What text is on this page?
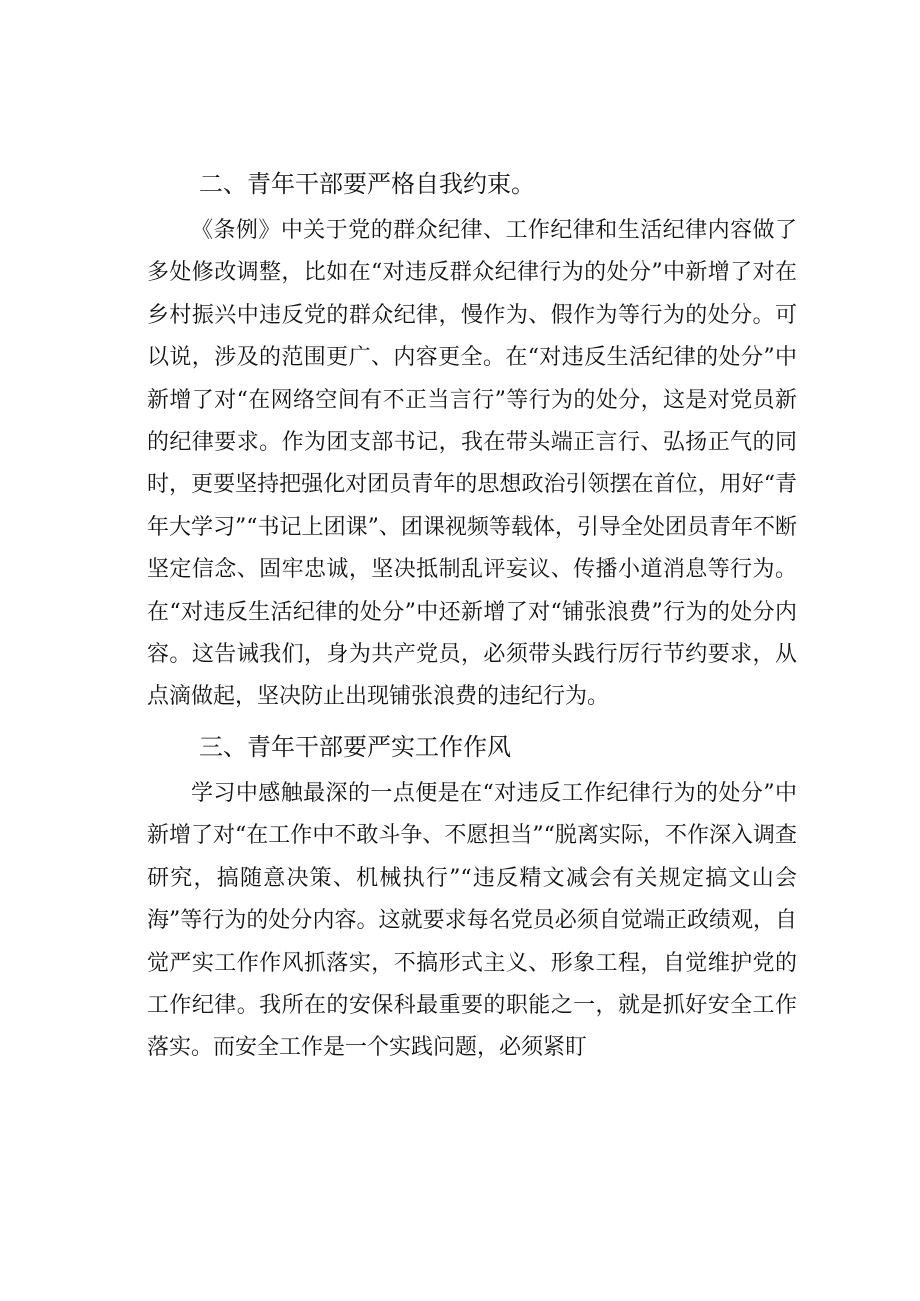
二、青年干部要严格自我约束。

《条例》中关于党的群众纪律、工作纪律和生活纪律内容做了多处修改调整，比如在“对违反群众纪律行为的处分”中新增了对在乡村振兴中违反党的群众纪律，慢作为、假作为等行为的处分。可以说，涉及的范围更广、内容更全。在“对违反生活纪律的处分”中新增了对“在网络空间有不正当言行”等行为的处分，这是对党员新的纪律要求。作为团支部书记，我在带头端正言行、弘扬正气的同时，更要坚持把强化对团员青年的思想政治引领摆在首位，用好“青年大学习”“书记上团课”、团课视频等载体，引导全处团员青年不断坚定信念、固牢忠诚，坚决抵制乱评妄议、传播小道消息等行为。在“对违反生活纪律的处分”中还新增了对“铺张浪费”行为的处分内容。这告诫我们，身为共产党员，必须带头践行厉行节约要求，从点滴做起，坚决防止出现铺张浪费的违纪行为。

三、青年干部要严实工作作风

学习中感触最深的一点便是在“对违反工作纪律行为的处分”中新增了对“在工作中不敢斗争、不愿担当”“脱离实际，不作深入调查研究，搞随意决策、机械执行”“违反精文减会有关规定搞文山会海”等行为的处分内容。这就要求每名党员必须自觉端正政绩观，自觉严实工作作风抓落实，不搞形式主义、形象工程，自觉维护党的工作纪律。我所在的安保科最重要的职能之一，就是抓好安全工作落实。而安全工作是一个实践问题，必须紧盯
